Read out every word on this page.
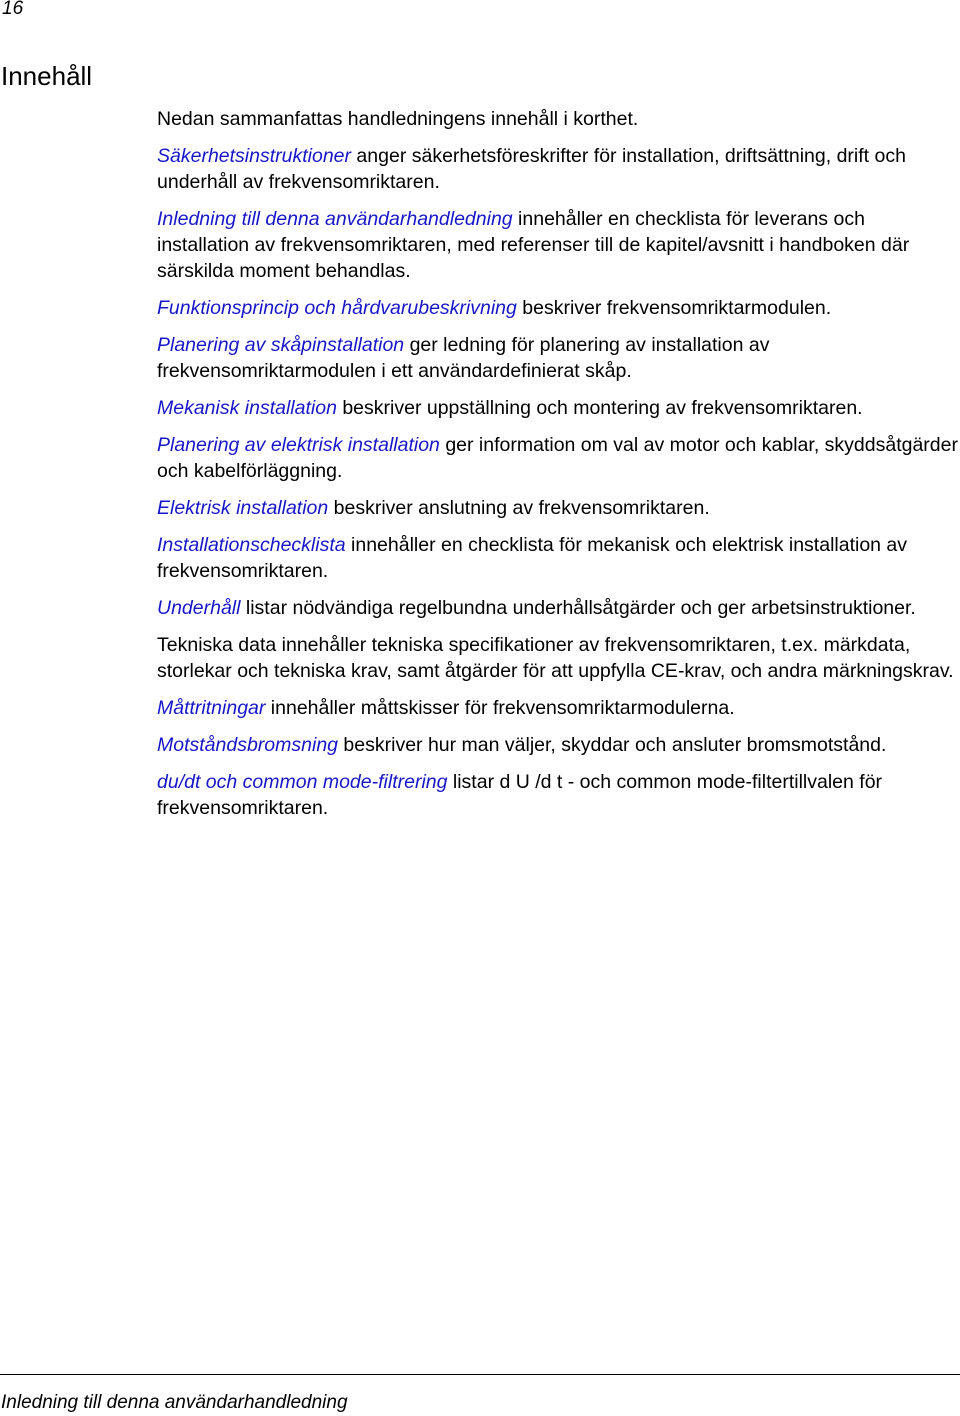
16
Innehåll

Nedan sammanfattas handledningens innehåll i korthet.

Säkerhetsinstruktioner anger säkerhetsföreskrifter för installation, driftsättning, drift och underhåll av frekvensomriktaren.

Inledning till denna användarhandledning innehåller en checklista för leverans och installation av frekvensomriktaren, med referenser till de kapitel/avsnitt i handboken där särskilda moment behandlas.

Funktionsprincip och hårdvarubeskrivning beskriver frekvensomriktarmodulen.

Planering av skåpinstallation ger ledning för planering av installation av frekvensomriktarmodulen i ett användardefinierat skåp.

Mekanisk installation beskriver uppställning och montering av frekvensomriktaren.

Planering av elektrisk installation ger information om val av motor och kablar, skyddsåtgärder och kabelförläggning.

Elektrisk installation beskriver anslutning av frekvensomriktaren.

Installationschecklista innehåller en checklista för mekanisk och elektrisk installation av frekvensomriktaren.

Underhåll listar nödvändiga regelbundna underhållsåtgärder och ger arbetsinstruktioner.

Tekniska data innehåller tekniska specifikationer av frekvensomriktaren, t.ex. märkdata, storlekar och tekniska krav, samt åtgärder för att uppfylla CE-krav, och andra märkningskrav.

Måttritningar innehåller måttskisser för frekvensomriktarmodulerna.

Motståndsbromsning beskriver hur man väljer, skyddar och ansluter bromsmotstånd.

du/dt och common mode-filtrering listar d U /d t - och common mode-filtertillvalen för frekvensomriktaren.

Inledning till denna användarhandledning
